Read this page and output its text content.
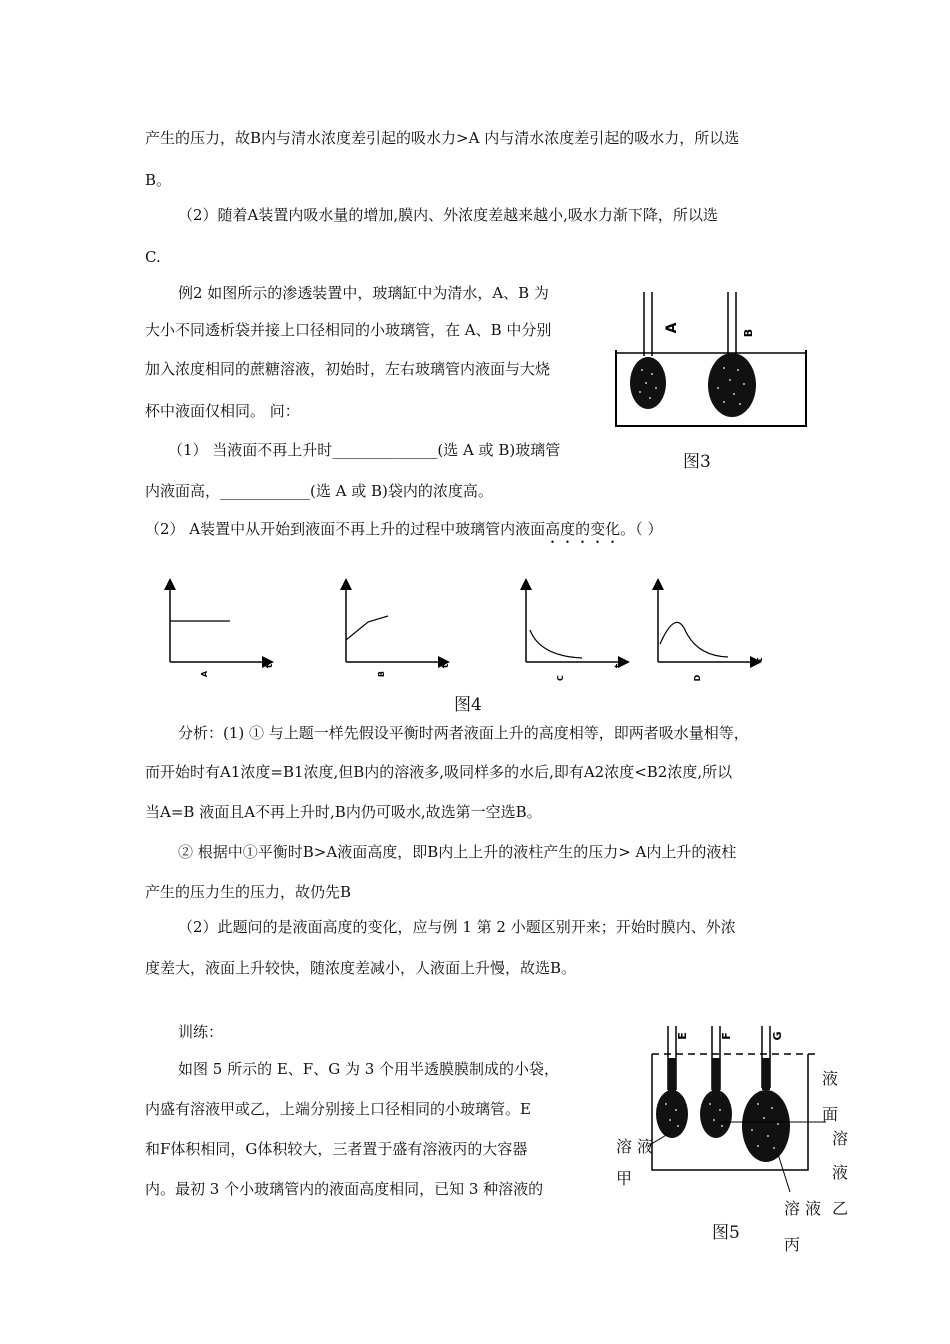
产生的压力，故B内与清水浓度差引起的吸水力>A 内与清水浓度差引起的吸水力，所以选
B。
（2）随着A装置内吸水量的增加,膜内、外浓度差越来越小,吸水力渐下降，所以选
C.
例2 如图所示的渗透装置中，玻璃缸中为清水，A、B 为
大小不同透析袋并接上口径相同的小玻璃管，在 A、B 中分别
加入浓度相同的蔗糖溶液，初始时，左右玻璃管内液面与大烧
杯中液面仅相同。 问：
（1） 当液面不再上升时______________(选 A 或 B)玻璃管
内液面高，____________(选 A 或 B)袋内的浓度高。
（2） A装置中从开始到液面不再上升的过程中玻璃管内液面高度的变化。（ ）
A	B
图3
A
t
B
t
C
t
D
t
图4
分析：(1) ① 与上题一样先假设平衡时两者液面上升的高度相等，即两者吸水量相等，
而开始时有A1浓度=B1浓度,但B内的溶液多,吸同样多的水后,即有A2浓度<B2浓度,所以
当A=B 液面且A不再上升时,B内仍可吸水,故选第一空选B。
② 根据中①平衡时B>A液面高度，即B内上上升的液柱产生的压力> A内上升的液柱
产生的压力生的压力，故仍先B
（2）此题问的是液面高度的变化，应与例 1 第 2 小题区别开来；开始时膜内、外浓
度差大，液面上升较快，随浓度差减小，人液面上升慢，故选B。
训练：
如图 5 所示的 E、F、G 为 3 个用半透膜膜制成的小袋，
内盛有溶液甲或乙，上端分别接上口径相同的小玻璃管。E
和F体积相同，G体积较大，三者置于盛有溶液丙的大容器
内。最初 3 个小玻璃管内的液面高度相同，已知 3 种溶液的
E	F	G
液
面
溶
液
乙
溶 液
甲
溶 液
丙
图5
